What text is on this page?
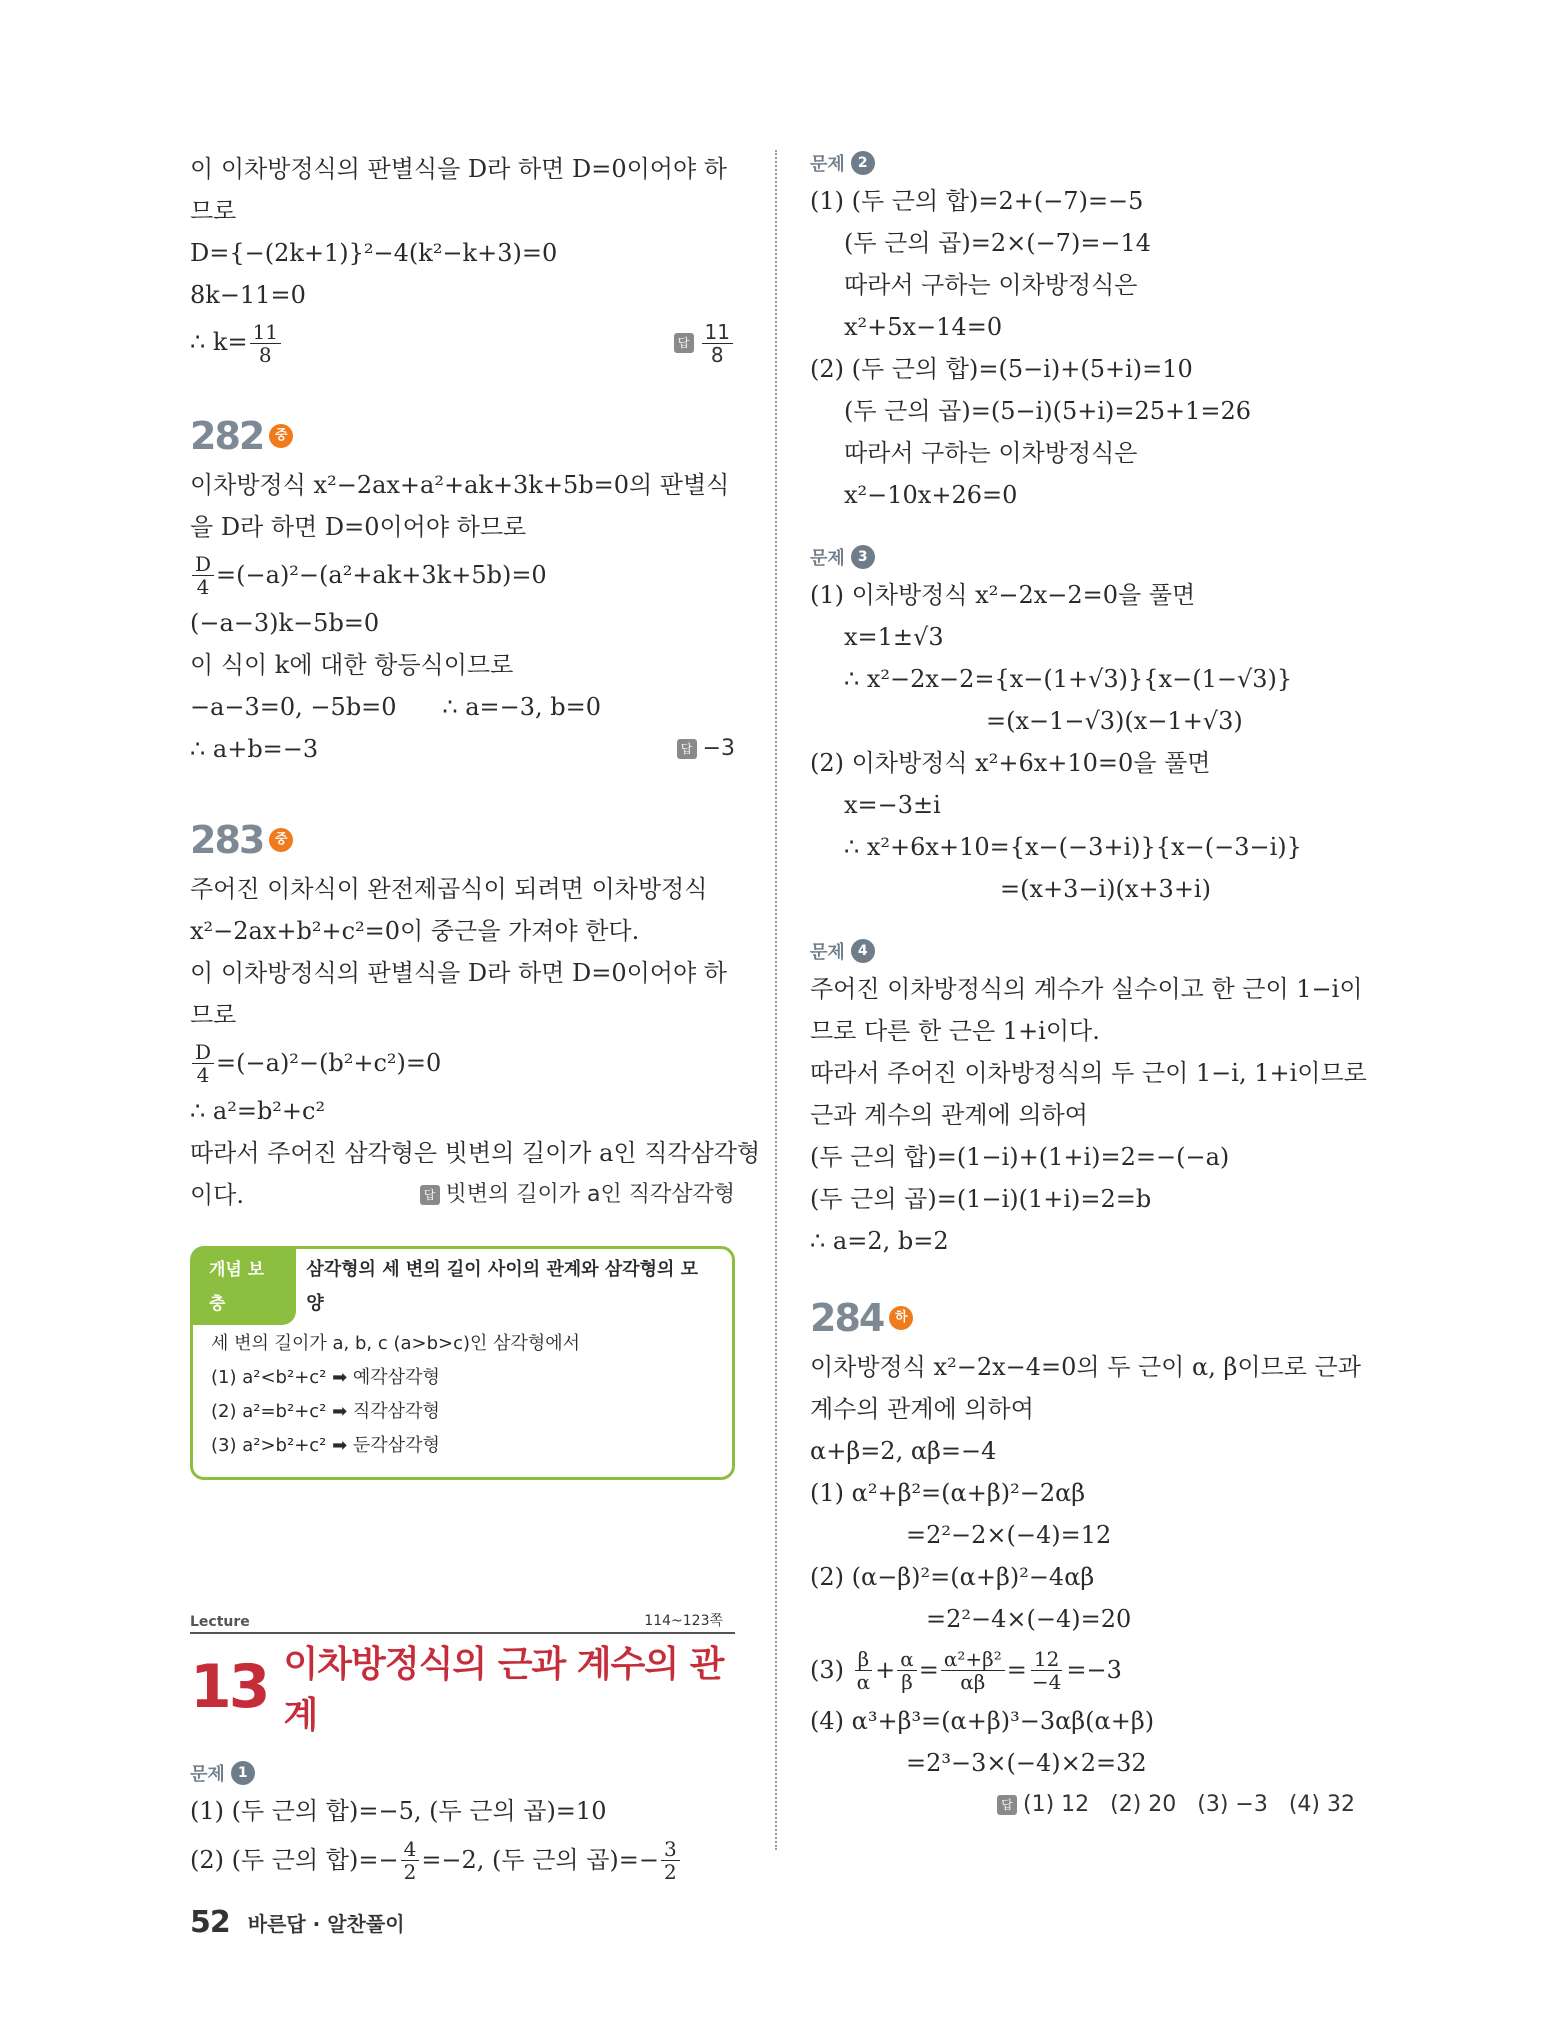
이 이차방정식의 판별식을 D라 하면 D=0이어야 하
므로
D={−(2k+1)}²−4(k²−k+3)=0
8k−11=0
∴ $k= \frac{11}{8}$	답 $\frac{11}{8}$
282 중
이차방정식 x²−2ax+a²+ak+3k+5b=0의 판별식
을 D라 하면 D=0이어야 하므로
$\frac{D}{4} =(-a)^2-(a^2+ak+3k+5b)=0$
(−a−3)k−5b=0
이 식이 k에 대한 항등식이므로
−a−3=0, −5b=0      ∴ a=−3, b=0
∴ a+b=−3	답 −3
283 중
주어진 이차식이 완전제곱식이 되려면 이차방정식
x²−2ax+b²+c²=0이 중근을 가져야 한다.
이 이차방정식의 판별식을 D라 하면 D=0이어야 하
므로
$\frac{D}{4} =(-a)^2-(b^2+c^2)=0$
∴ a²=b²+c²
따라서 주어진 삼각형은 빗변의 길이가 a인 직각삼각형
이다.	답 빗변의 길이가 a인 직각삼각형
개념 보충
삼각형의 세 변의 길이 사이의 관계와 삼각형의 모양
세 변의 길이가 a, b, c (a>b>c)인 삼각형에서
(1) a²<b²+c² ➡ 예각삼각형
(2) a²=b²+c² ➡ 직각삼각형
(3) a²>b²+c² ➡ 둔각삼각형
Lecture	114~123쪽
13 이차방정식의 근과 계수의 관계
문제 1
(1) (두 근의 합)=−5, (두 근의 곱)=10
(2) (두 근의 합)=− $\frac{4}{2} =-2$, (두 근의 곱)=− $\frac{3}{2}$
문제 2
(1) (두 근의 합)=2+(−7)=−5
(두 근의 곱)=2×(−7)=−14
따라서 구하는 이차방정식은
x²+5x−14=0
(2) (두 근의 합)=(5−i)+(5+i)=10
(두 근의 곱)=(5−i)(5+i)=25+1=26
따라서 구하는 이차방정식은
x²−10x+26=0
문제 3
(1) 이차방정식 x²−2x−2=0을 풀면
x=1±√3
∴ x²−2x−2={x−(1+√3)}{x−(1−√3)}
=(x−1−√3)(x−1+√3)
(2) 이차방정식 x²+6x+10=0을 풀면
x=−3±i
∴ x²+6x+10={x−(−3+i)}{x−(−3−i)}
=(x+3−i)(x+3+i)
문제 4
주어진 이차방정식의 계수가 실수이고 한 근이 1−i이
므로 다른 한 근은 1+i이다.
따라서 주어진 이차방정식의 두 근이 1−i, 1+i이므로
근과 계수의 관계에 의하여
(두 근의 합)=(1−i)+(1+i)=2=−(−a)
(두 근의 곱)=(1−i)(1+i)=2=b
∴ a=2, b=2
284 하
이차방정식 x²−2x−4=0의 두 근이 α, β이므로 근과
계수의 관계에 의하여
α+β=2, αβ=−4
(1) α²+β²=(α+β)²−2αβ
=2²−2×(−4)=12
(2) (α−β)²=(α+β)²−4αβ
=2²−4×(−4)=20
$(3) \frac{\beta}{\alpha} + \frac{\alpha}{\beta} = \frac{\text{α²+β²}}{\alpha\beta} = \frac{12}{-4} =-3$
(4) α³+β³=(α+β)³−3αβ(α+β)
=2³−3×(−4)×2=32
답 (1) 12   (2) 20   (3) −3   (4) 32
52 바른답 · 알찬풀이
